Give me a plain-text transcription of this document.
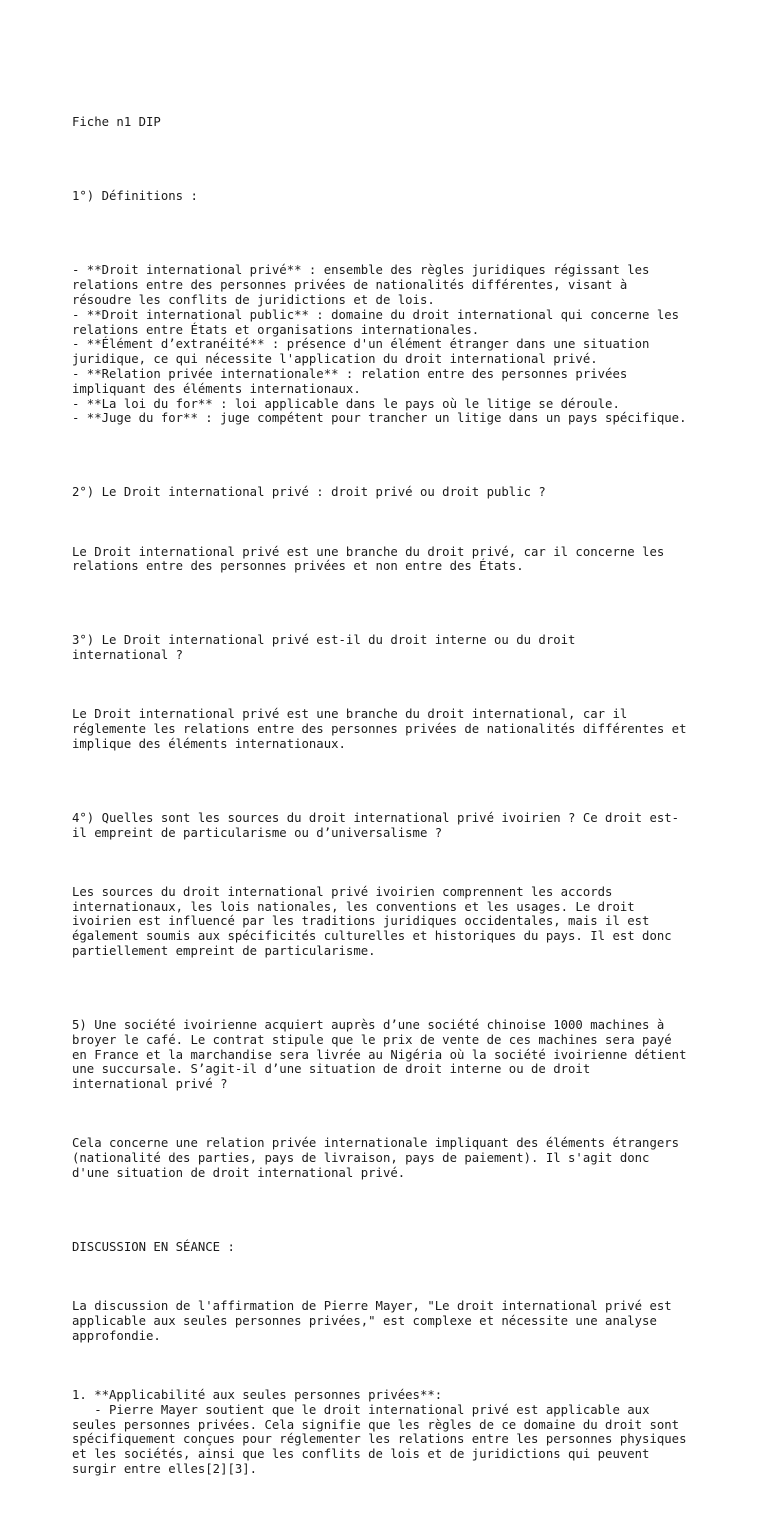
Fiche n1 DIP

1°) Définitions :

- **Droit international privé** : ensemble des règles juridiques régissant les
relations entre des personnes privées de nationalités différentes, visant à
résoudre les conflits de juridictions et de lois.
- **Droit international public** : domaine du droit international qui concerne les
relations entre États et organisations internationales.
- **Élément d’extranéité** : présence d'un élément étranger dans une situation
juridique, ce qui nécessite l'application du droit international privé.
- **Relation privée internationale** : relation entre des personnes privées
impliquant des éléments internationaux.
- **La loi du for** : loi applicable dans le pays où le litige se déroule.
- **Juge du for** : juge compétent pour trancher un litige dans un pays spécifique.

2°) Le Droit international privé : droit privé ou droit public ?

Le Droit international privé est une branche du droit privé, car il concerne les
relations entre des personnes privées et non entre des États.

3°) Le Droit international privé est-il du droit interne ou du droit
international ?

Le Droit international privé est une branche du droit international, car il
réglemente les relations entre des personnes privées de nationalités différentes et
implique des éléments internationaux.

4°) Quelles sont les sources du droit international privé ivoirien ? Ce droit est-
il empreint de particularisme ou d’universalisme ?

Les sources du droit international privé ivoirien comprennent les accords
internationaux, les lois nationales, les conventions et les usages. Le droit
ivoirien est influencé par les traditions juridiques occidentales, mais il est
également soumis aux spécificités culturelles et historiques du pays. Il est donc
partiellement empreint de particularisme.

5) Une société ivoirienne acquiert auprès d’une société chinoise 1000 machines à
broyer le café. Le contrat stipule que le prix de vente de ces machines sera payé
en France et la marchandise sera livrée au Nigéria où la société ivoirienne détient
une succursale. S’agit-il d’une situation de droit interne ou de droit
international privé ?

Cela concerne une relation privée internationale impliquant des éléments étrangers
(nationalité des parties, pays de livraison, pays de paiement). Il s'agit donc
d'une situation de droit international privé.

DISCUSSION EN SÉANCE :

La discussion de l'affirmation de Pierre Mayer, "Le droit international privé est
applicable aux seules personnes privées," est complexe et nécessite une analyse
approfondie.

1. **Applicabilité aux seules personnes privées**:
- Pierre Mayer soutient que le droit international privé est applicable aux
seules personnes privées. Cela signifie que les règles de ce domaine du droit sont
spécifiquement conçues pour réglementer les relations entre les personnes physiques
et les sociétés, ainsi que les conflits de lois et de juridictions qui peuvent
surgir entre elles[2][3].
